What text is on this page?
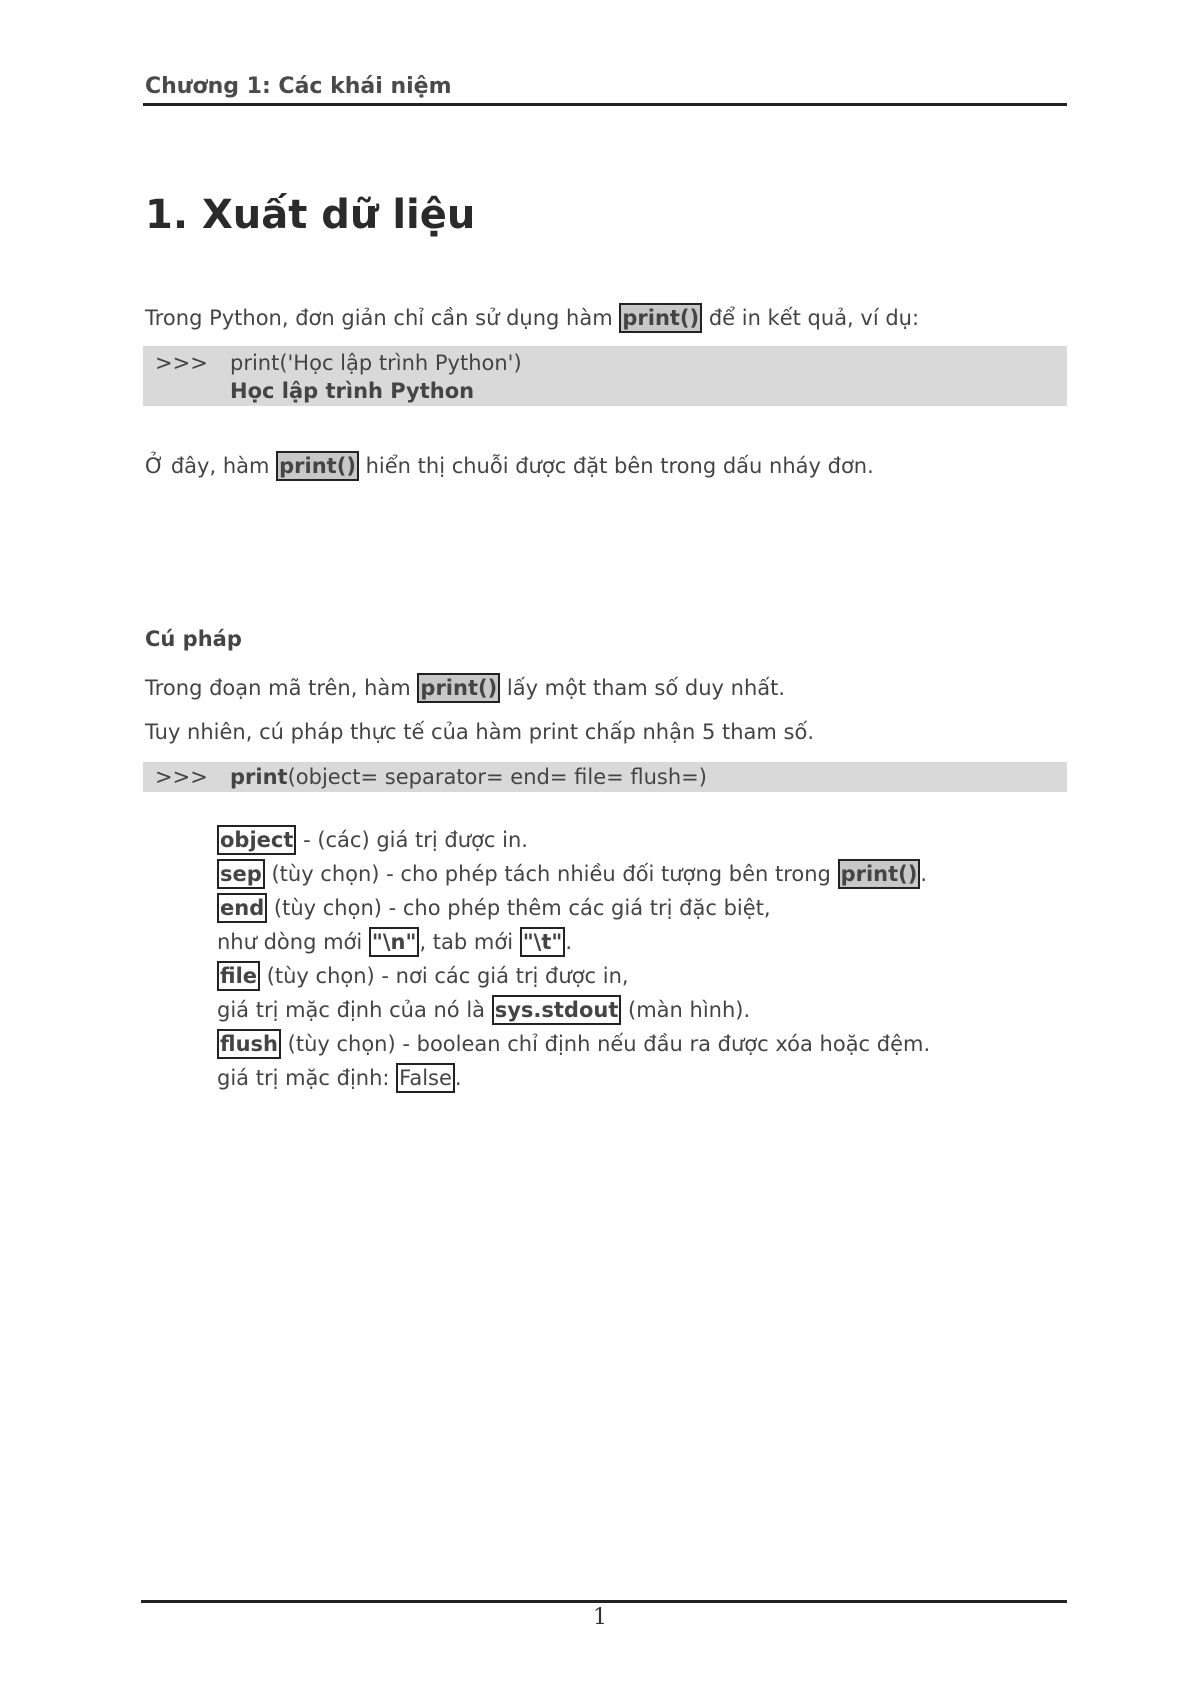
Chương 1: Các khái niệm
1. Xuất dữ liệu
Trong Python, đơn giản chỉ cần sử dụng hàm print() để in kết quả, ví dụ:
>>> print('Học lập trình Python')
Học lập trình Python
Ở đây, hàm print() hiển thị chuỗi được đặt bên trong dấu nháy đơn.
Cú pháp
Trong đoạn mã trên, hàm print() lấy một tham số duy nhất.
Tuy nhiên, cú pháp thực tế của hàm print chấp nhận 5 tham số.
>>> print(object= separator= end= file= flush=)
object - (các) giá trị được in.
sep (tùy chọn) - cho phép tách nhiều đối tượng bên trong print() .
end (tùy chọn) - cho phép thêm các giá trị đặc biệt,
như dòng mới "\n" , tab mới "\t" .
file (tùy chọn) - nơi các giá trị được in,
giá trị mặc định của nó là sys.stdout (màn hình).
flush (tùy chọn) - boolean chỉ định nếu đầu ra được xóa hoặc đệm.
giá trị mặc định: False .
1
